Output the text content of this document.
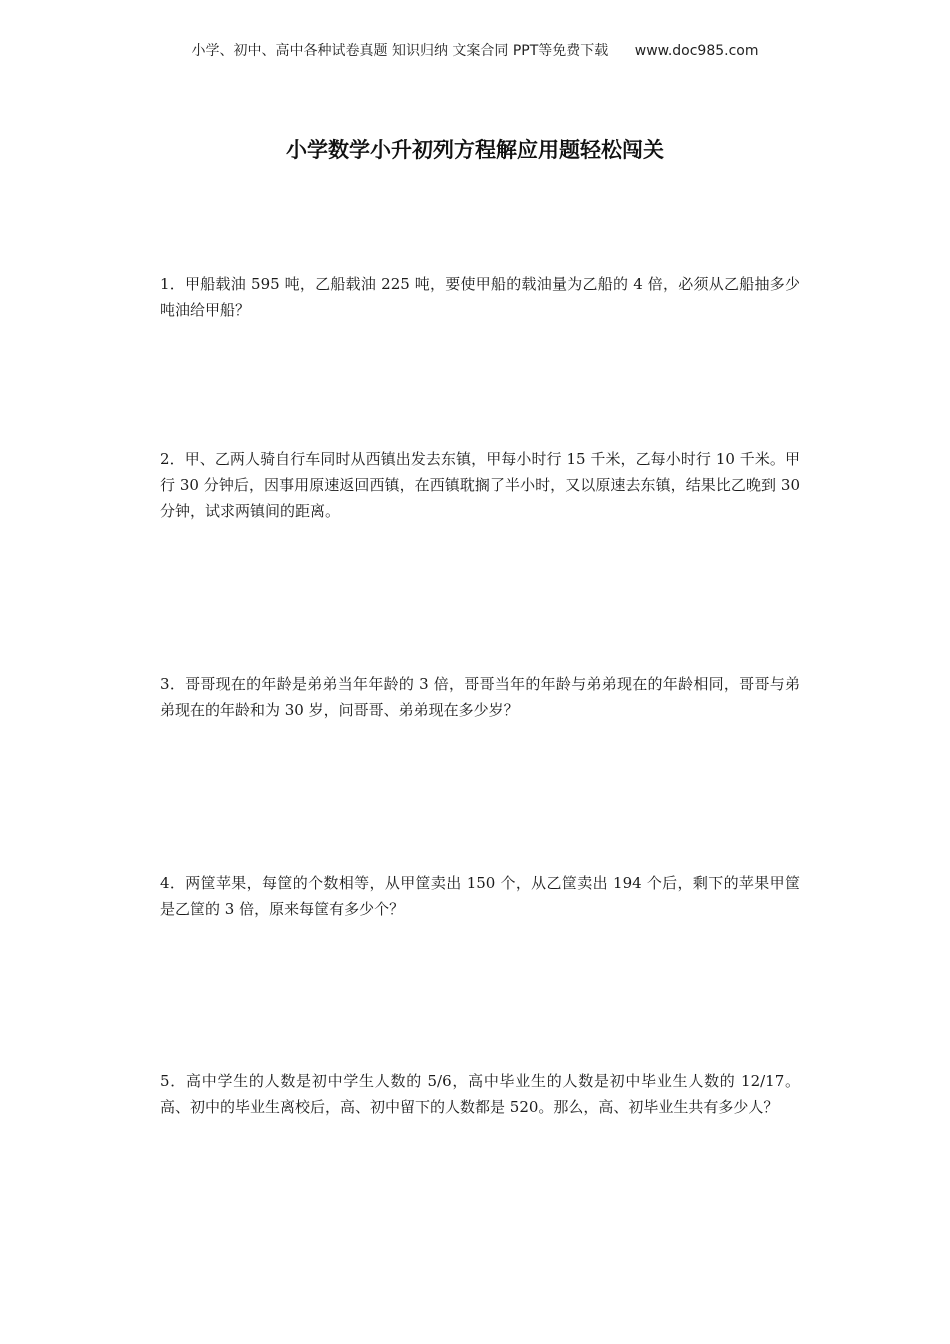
小学、初中、高中各种试卷真题 知识归纳 文案合同 PPT等免费下载 www.doc985.com
小学数学小升初列方程解应用题轻松闯关

1．甲船载油 595 吨，乙船载油 225 吨，要使甲船的载油量为乙船的 4 倍，必须从乙船抽多少吨油给甲船？

2．甲、乙两人骑自行车同时从西镇出发去东镇，甲每小时行 15 千米，乙每小时行 10 千米。甲行 30 分钟后，因事用原速返回西镇，在西镇耽搁了半小时，又以原速去东镇，结果比乙晚到 30 分钟，试求两镇间的距离。

3．哥哥现在的年龄是弟弟当年年龄的 3 倍，哥哥当年的年龄与弟弟现在的年龄相同，哥哥与弟弟现在的年龄和为 30 岁，问哥哥、弟弟现在多少岁？

4．两筐苹果，每筐的个数相等，从甲筐卖出 150 个，从乙筐卖出 194 个后，剩下的苹果甲筐是乙筐的 3 倍，原来每筐有多少个？

5．高中学生的人数是初中学生人数的 5/6，高中毕业生的人数是初中毕业生人数的 12/17。高、初中的毕业生离校后，高、初中留下的人数都是 520。那么，高、初毕业生共有多少人？
